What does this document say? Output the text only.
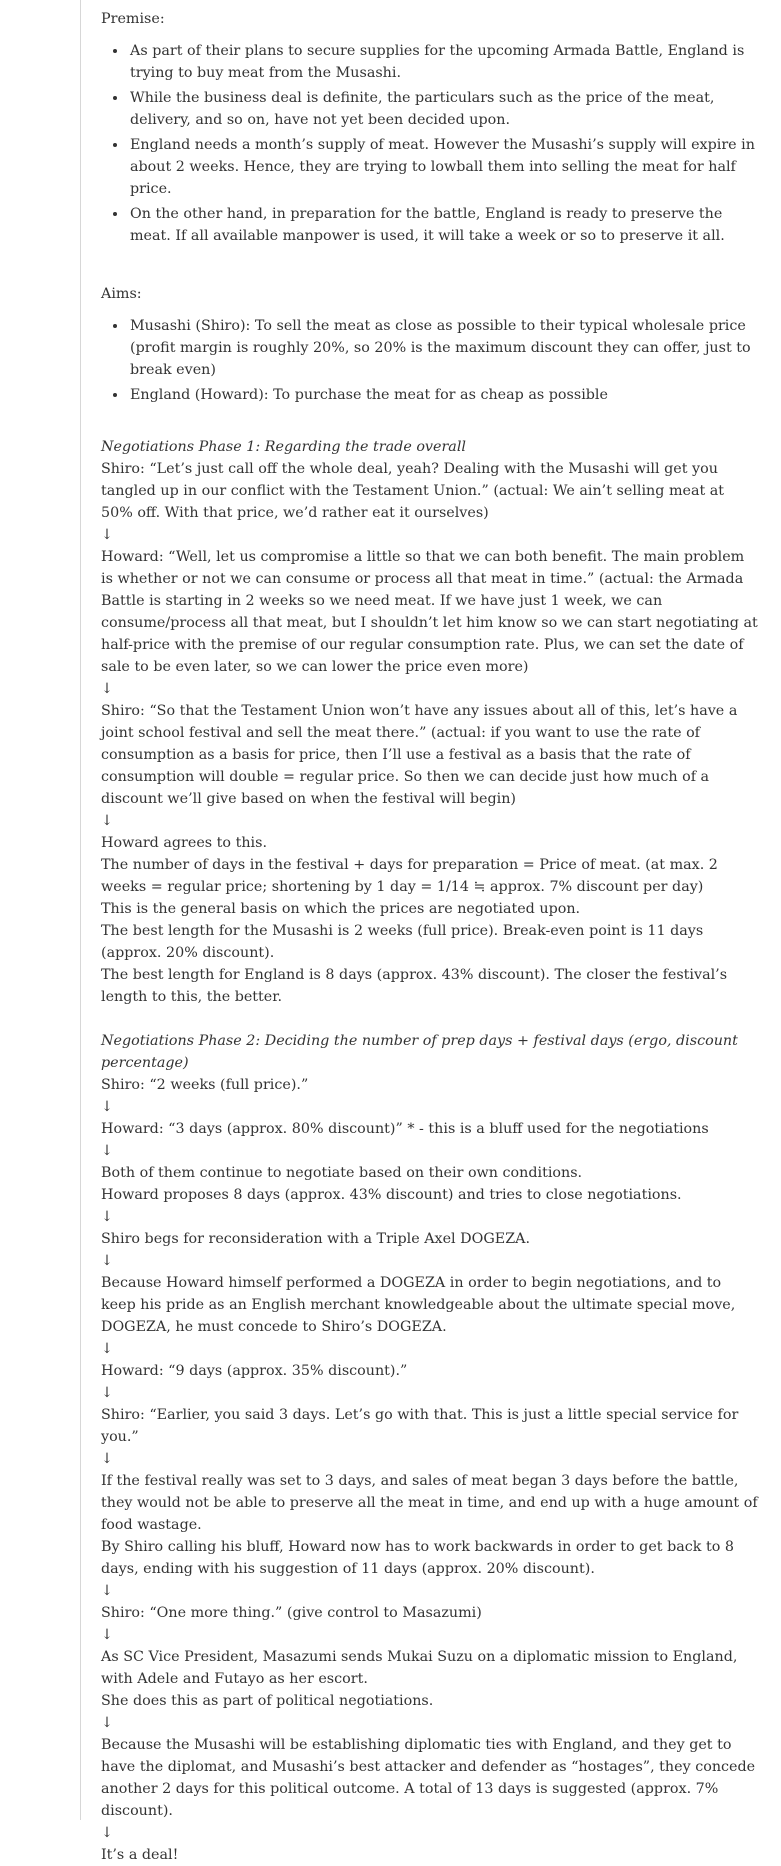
Premise:

• As part of their plans to secure supplies for the upcoming Armada Battle, England is trying to buy meat from the Musashi.
• While the business deal is definite, the particulars such as the price of the meat, delivery, and so on, have not yet been decided upon.
• England needs a month’s supply of meat. However the Musashi’s supply will expire in about 2 weeks. Hence, they are trying to lowball them into selling the meat for half price.
• On the other hand, in preparation for the battle, England is ready to preserve the meat. If all available manpower is used, it will take a week or so to preserve it all.

Aims:

• Musashi (Shiro): To sell the meat as close as possible to their typical wholesale price (profit margin is roughly 20%, so 20% is the maximum discount they can offer, just to break even)
• England (Howard): To purchase the meat for as cheap as possible

Negotiations Phase 1: Regarding the trade overall

Shiro: “Let’s just call off the whole deal, yeah? Dealing with the Musashi will get you tangled up in our conflict with the Testament Union.” (actual: We ain’t selling meat at 50% off. With that price, we’d rather eat it ourselves)

↓

Howard: “Well, let us compromise a little so that we can both benefit. The main problem is whether or not we can consume or process all that meat in time.” (actual: the Armada Battle is starting in 2 weeks so we need meat. If we have just 1 week, we can consume/process all that meat, but I shouldn’t let him know so we can start negotiating at half-price with the premise of our regular consumption rate. Plus, we can set the date of sale to be even later, so we can lower the price even more)

↓

Shiro: “So that the Testament Union won’t have any issues about all of this, let’s have a joint school festival and sell the meat there.” (actual: if you want to use the rate of consumption as a basis for price, then I’ll use a festival as a basis that the rate of consumption will double = regular price. So then we can decide just how much of a discount we’ll give based on when the festival will begin)

↓

Howard agrees to this.

The number of days in the festival + days for preparation = Price of meat. (at max. 2 weeks = regular price; shortening by 1 day = 1/14 ≒ approx. 7% discount per day)

This is the general basis on which the prices are negotiated upon.

The best length for the Musashi is 2 weeks (full price). Break-even point is 11 days (approx. 20% discount).

The best length for England is 8 days (approx. 43% discount). The closer the festival’s length to this, the better.

Negotiations Phase 2: Deciding the number of prep days + festival days (ergo, discount percentage)

Shiro: “2 weeks (full price).”

↓

Howard: “3 days (approx. 80% discount)” * - this is a bluff used for the negotiations

↓

Both of them continue to negotiate based on their own conditions.

Howard proposes 8 days (approx. 43% discount) and tries to close negotiations.

↓

Shiro begs for reconsideration with a Triple Axel DOGEZA.

↓

Because Howard himself performed a DOGEZA in order to begin negotiations, and to keep his pride as an English merchant knowledgeable about the ultimate special move, DOGEZA, he must concede to Shiro’s DOGEZA.

↓

Howard: “9 days (approx. 35% discount).”

↓

Shiro: “Earlier, you said 3 days. Let’s go with that. This is just a little special service for you.”

↓

If the festival really was set to 3 days, and sales of meat began 3 days before the battle, they would not be able to preserve all the meat in time, and end up with a huge amount of food wastage.

By Shiro calling his bluff, Howard now has to work backwards in order to get back to 8 days, ending with his suggestion of 11 days (approx. 20% discount).

↓

Shiro: “One more thing.” (give control to Masazumi)

↓

As SC Vice President, Masazumi sends Mukai Suzu on a diplomatic mission to England, with Adele and Futayo as her escort.

She does this as part of political negotiations.

↓

Because the Musashi will be establishing diplomatic ties with England, and they get to have the diplomat, and Musashi’s best attacker and defender as “hostages”, they concede another 2 days for this political outcome. A total of 13 days is suggested (approx. 7% discount).

↓

It’s a deal!
